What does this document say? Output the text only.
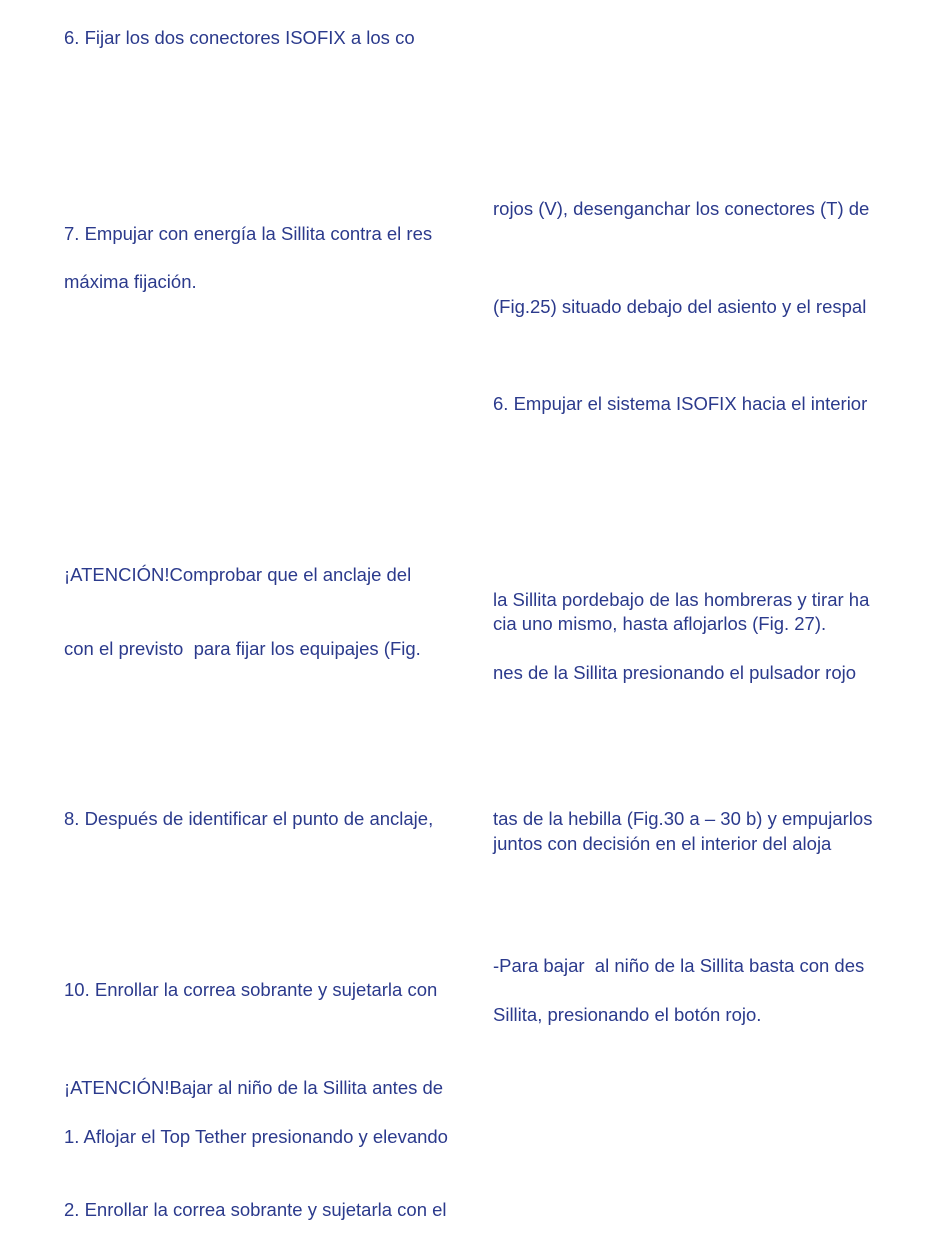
6. Fijar los dos conectores ISOFIX a los co

7. Empujar con energía la Sillita contra el res

máxima fijación.

¡ATENCIÓN!Comprobar que el anclaje del

con el previsto  para fijar los equipajes (Fig.

8. Después de identificar el punto de anclaje,

10. Enrollar la correa sobrante y sujetarla con

¡ATENCIÓN!Bajar al niño de la Sillita antes de

1. Aflojar el Top Tether presionando y elevando

2. Enrollar la correa sobrante y sujetarla con el

rojos (V), desenganchar los conectores (T) de

(Fig.25) situado debajo del asiento y el respal

6. Empujar el sistema ISOFIX hacia el interior

la Sillita pordebajo de las hombreras y tirar ha

cia uno mismo, hasta aflojarlos (Fig. 27).

nes de la Sillita presionando el pulsador rojo

tas de la hebilla (Fig.30 a – 30 b) y empujarlos

juntos con decisión en el interior del aloja

-Para bajar  al niño de la Sillita basta con des

Sillita, presionando el botón rojo.
